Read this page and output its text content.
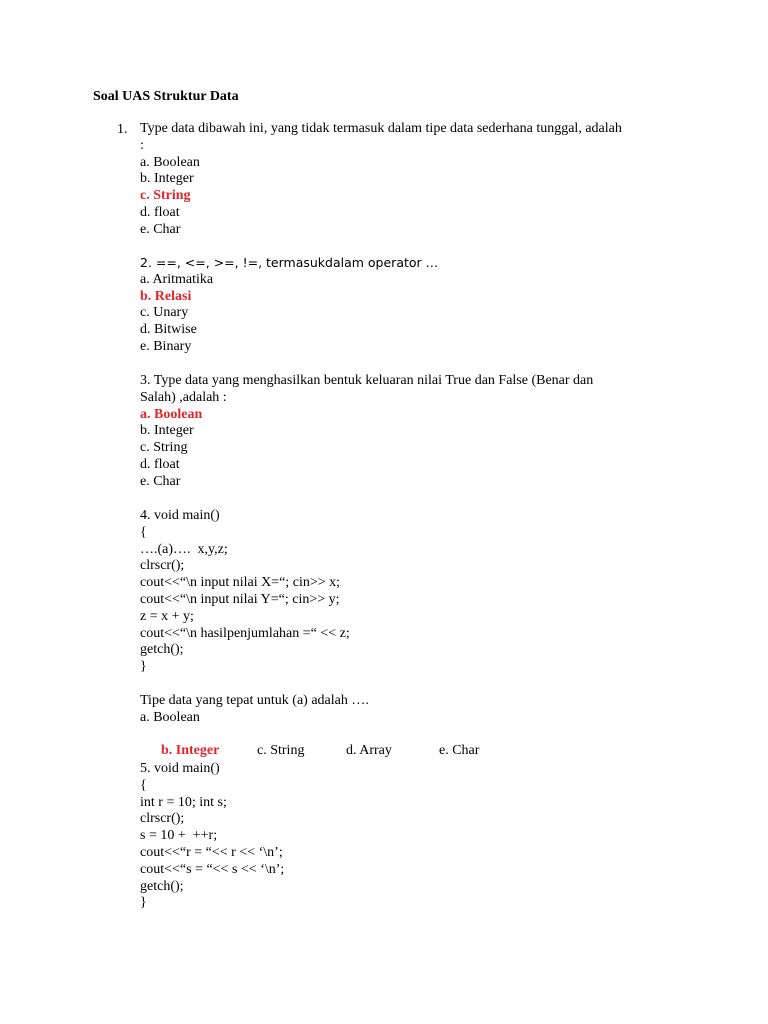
Soal UAS Struktur Data
1. Type data dibawah ini, yang tidak termasuk dalam tipe data sederhana tunggal, adalah
:
a. Boolean
b. Integer
c. String
d. float
e. Char
2. ==, <=, >=, !=, termasukdalam operator …
a. Aritmatika
b. Relasi
c. Unary
d. Bitwise
e. Binary
3. Type data yang menghasilkan bentuk keluaran nilai True dan False (Benar dan
Salah) ,adalah :
a. Boolean
b. Integer
c. String
d. float
e. Char
4. void main()
{
….(a)….  x,y,z;
clrscr();
cout<<“\n input nilai X=“; cin>> x;
cout<<“\n input nilai Y=“; cin>> y;
z = x + y;
cout<<“\n hasilpenjumlahan =“ << z;
getch();
}
Tipe data yang tepat untuk (a) adalah ….
a. Boolean

b. Integer	c. String	d. Array	e. Char

5. void main()
{
int r = 10; int s;
clrscr();
s = 10 +  ++r;
cout<<“r = “<< r << ‘\n’;
cout<<“s = “<< s << ‘\n’;
getch();
}
